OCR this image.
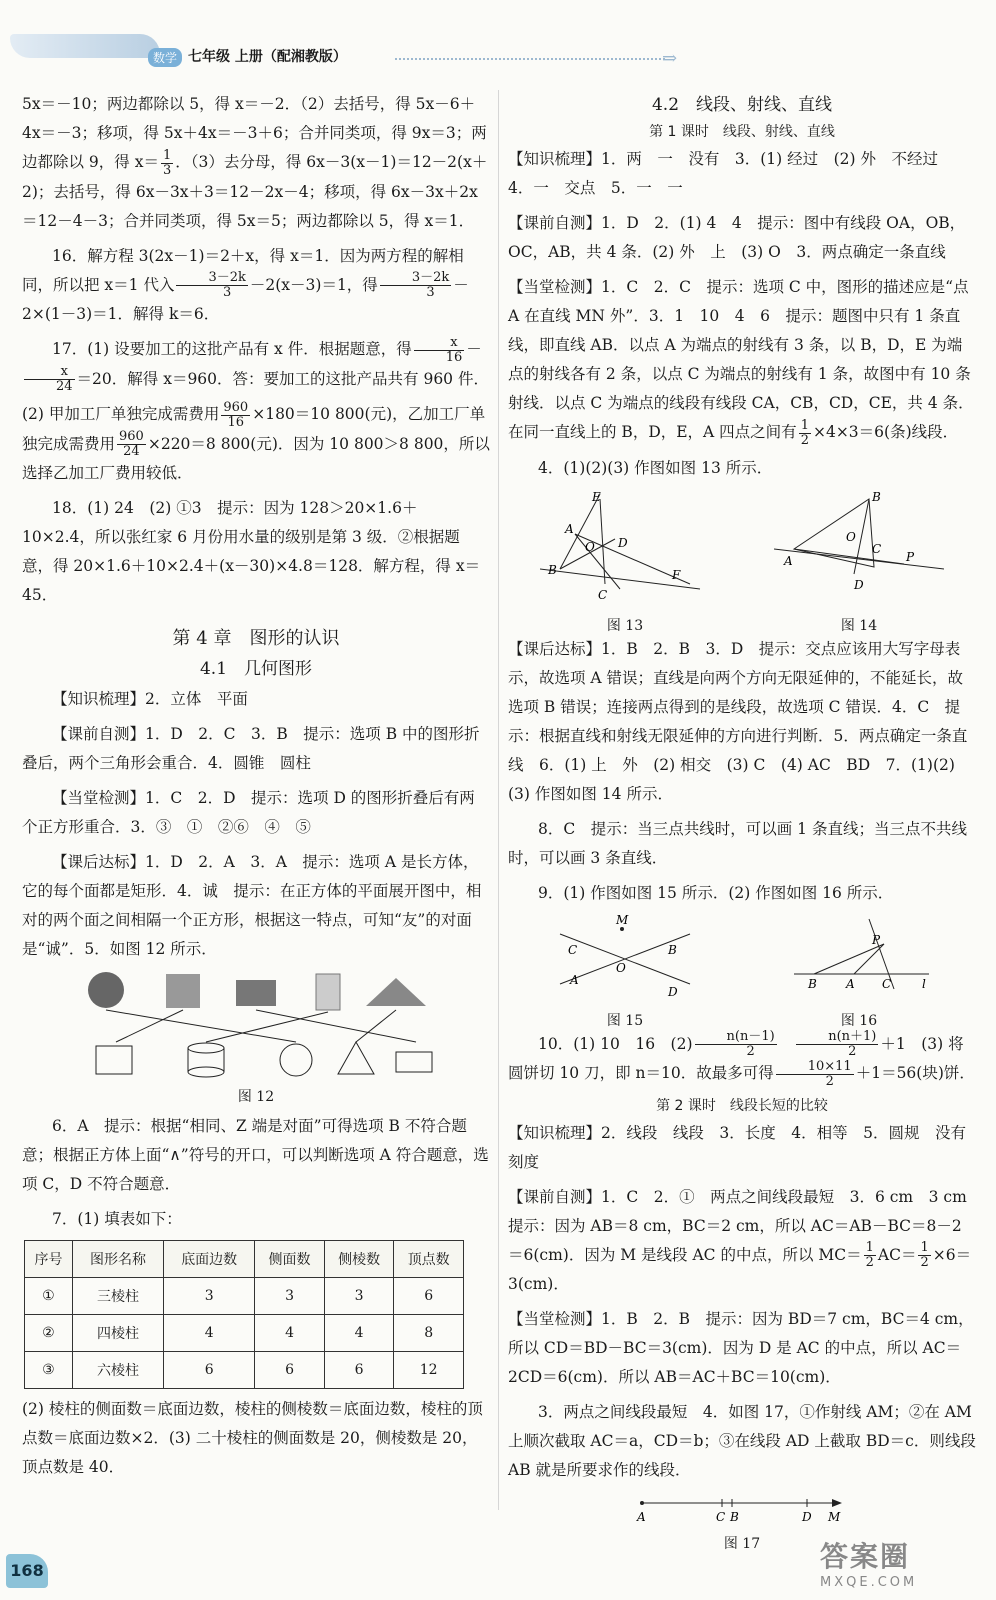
数学 七年级 上册（配湘教版）	⇒

5x＝－10；两边都除以 5，得 x＝－2．（2）去括号，得 5x－6＋4x＝－3；移项，得 5x＋4x＝－3＋6；合并同类项，得 9x＝3；两边都除以 9，得 $x= \frac{1}{3}$ ．（3）去分母，得 6x－3(x－1)＝12－2(x＋2)；去括号，得 6x－3x＋3＝12－2x－4；移项，得 6x－3x＋2x＝12－4－3；合并同类项，得 5x＝5；两边都除以 5，得 x＝1．

16．解方程 3(2x－1)＝2＋x，得 x＝1．因为两方程的解相同，所以把 x＝1 代入 $\frac{3-2k}{3} -2(x-3)=1$，得 $\frac{3-2k}{3} -2\times(1-3)=1$．解得 k＝6．

17．(1) 设要加工的这批产品有 x 件．根据题意，得 $\frac{x}{16}$ －
$\frac{x}{24} =20$．解得 x＝960．答：要加工的这批产品共有 960 件．

(2) 甲加工厂单独完成需费用 $\frac{960}{16} \times 180=10$ 800(元)，乙加工厂单独完成需费用 $\frac{960}{24} \times 220=8$ 800(元)．因为 10 800＞8 800，所以选择乙加工厂费用较低．

18．(1) 24　(2) ①3　提示：因为 128＞20×1.6＋10×2.4，所以张红家 6 月份用水量的级别是第 3 级．②根据题意，得 20×1.6＋10×2.4＋(x－30)×4.8＝128．解方程，得 x＝45．

第 4 章　图形的认识
4.1　几何图形

【知识梳理】2．立体　平面

【课前自测】1．D　2．C　3．B　提示：选项 B 中的图形折叠后，两个三角形会重合．4．圆锥　圆柱

【当堂检测】1．C　2．D　提示：选项 D 的图形折叠后有两个正方形重合．3．③　①　②⑥　④　⑤

【课后达标】1．D　2．A　3．A　提示：选项 A 是长方体，它的每个面都是矩形．4．诚　提示：在正方体的平面展开图中，相对的两个面之间相隔一个正方形，根据这一特点，可知“友”的对面是“诚”．5．如图 12 所示．

图 12

6．A　提示：根据“相同、Z 端是对面”可得选项 B 不符合题意；根据正方体上面“∧”符号的开口，可以判断选项 A 符合题意，选项 C，D 不符合题意．

7．(1) 填表如下：

序号	图形名称	底面边数	侧面数	侧棱数	顶点数
①	三棱柱	3	3	3	6
②	四棱柱	4	4	4	8
③	六棱柱	6	6	6	12

(2) 棱柱的侧面数＝底面边数，棱柱的侧棱数＝底面边数，棱柱的顶点数＝底面边数×2．(3) 二十棱柱的侧面数是 20，侧棱数是 20，顶点数是 40．

4.2　线段、射线、直线
第 1 课时　线段、射线、直线

【知识梳理】1．两　一　没有　3．(1) 经过　(2) 外　不经过　4．一　交点　5．一　一

【课前自测】1．D　2．(1) 4　4　提示：图中有线段 OA，OB，OC，AB，共 4 条．(2) 外　上　(3) O　3．两点确定一条直线

【当堂检测】1．C　2．C　提示：选项 C 中，图形的描述应是“点 A 在直线 MN 外”．3．1　10　4　6　提示：题图中只有 1 条直线，即直线 AB．以点 A 为端点的射线有 3 条，以 B，D，E 为端点的射线各有 2 条，以点 C 为端点的射线有 1 条，故图中有 10 条射线．以点 C 为端点的线段有线段 CA，CB，CD，CE，共 4 条．在同一直线上的 B，D，E，A 四点之间有 $\frac{1}{2} \times 4\times 3=6$(条)线段．

4．(1)(2)(3) 作图如图 13 所示．

E
A
O D
B
C
F
图 13
B
A
O
C
D
P
图 14

【课后达标】1．B　2．B　3．D　提示：交点应该用大写字母表示，故选项 A 错误；直线是向两个方向无限延伸的，不能延长，故选项 B 错误；连接两点得到的是线段，故选项 C 错误．4．C　提示：根据直线和射线无限延伸的方向进行判断．5．两点确定一条直线　6．(1) 上　外　(2) 相交　(3) C　(4) AC　BD　7．(1)(2)(3) 作图如图 14 所示．

8．C　提示：当三点共线时，可以画 1 条直线；当三点不共线时，可以画 3 条直线．

9．(1) 作图如图 15 所示．(2) 作图如图 16 所示．

M
C	B
O
A
D
图 15
P
B A C	l
图 16

10．(1) 10　16　$(2) \frac{n(n-1)}{2}$
　 $\frac{n(n+1)}{2} +1$　(3) 将圆饼切 10 刀，即 n＝10．故最多可得 $\frac{10\times 11}{2} +1=56$(块)饼．

第 2 课时　线段长短的比较

【知识梳理】2．线段　线段　3．长度　4．相等　5．圆规　没有刻度

【课前自测】1．C　2．①　两点之间线段最短　3．6 cm　3 cm　提示：因为 AB＝8 cm，BC＝2 cm，所以 AC＝AB－BC＝8－2＝6(cm)．因为 M 是线段 AC 的中点，所以 $MC= \frac{1}{2} AC= \frac{1}{2} \times 6=3(cm)$．

【当堂检测】1．B　2．B　提示：因为 BD＝7 cm，BC＝4 cm，所以 CD＝BD－BC＝3(cm)．因为 D 是 AC 的中点，所以 AC＝2CD＝6(cm)．所以 AB＝AC＋BC＝10(cm)．

3．两点之间线段最短　4．如图 17，①作射线 AM；②在 AM 上顺次截取 AC＝a，CD＝b；③在线段 AD 上截取 BD＝c．则线段 AB 就是所要求作的线段．

A	C B	D M
图 17
168	答案圈
MXQE.COM
